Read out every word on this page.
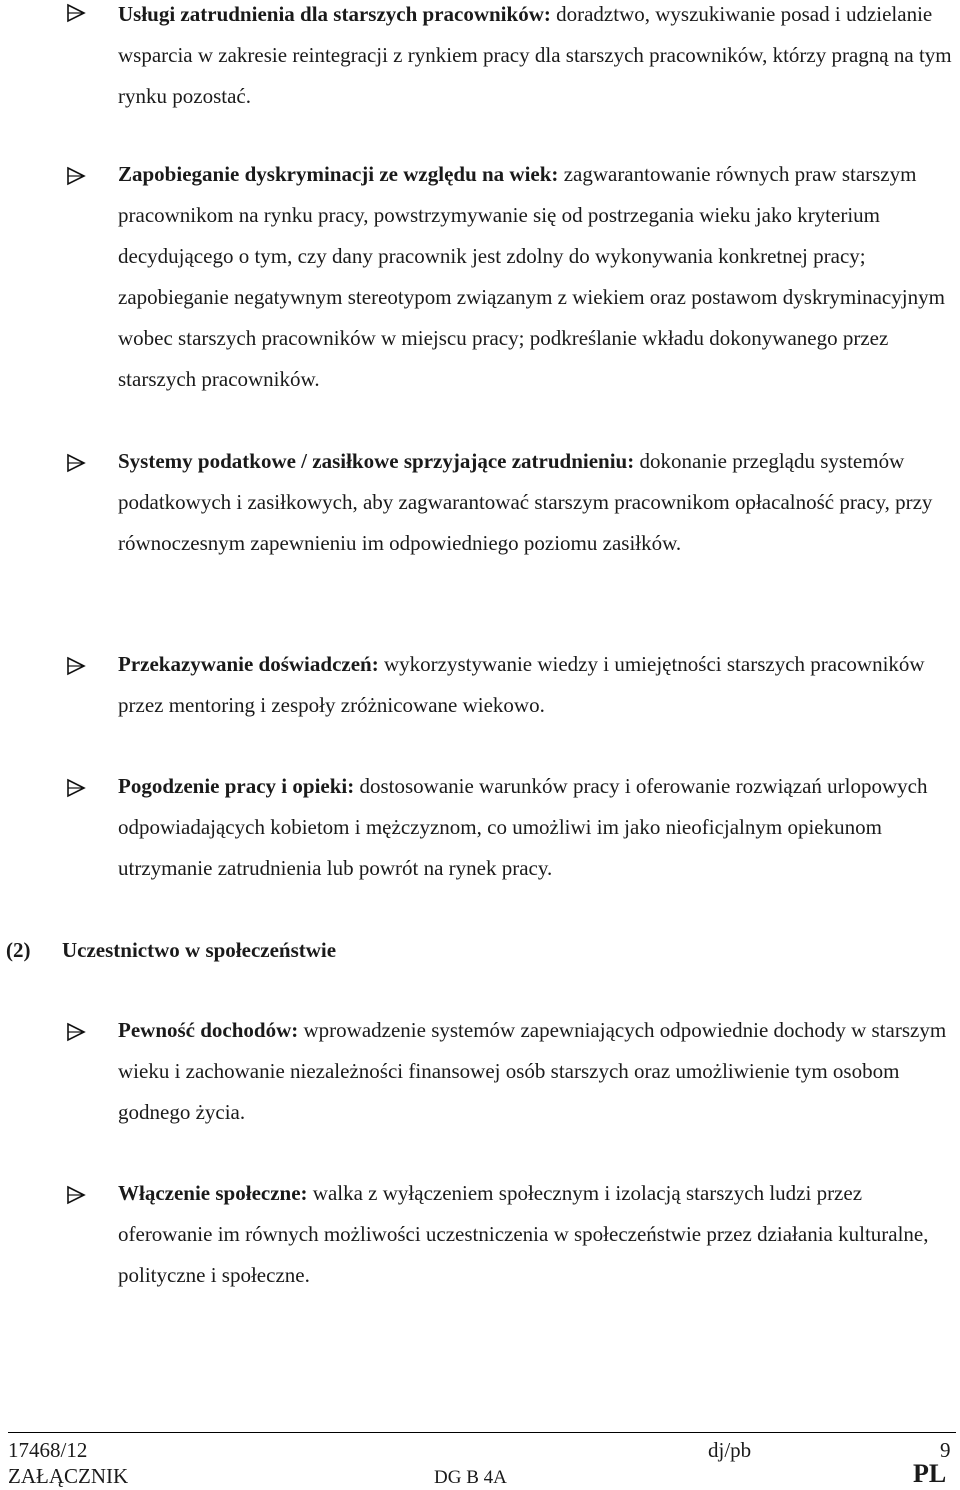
Usługi zatrudnienia dla starszych pracowników: doradztwo, wyszukiwanie posad i udzielanie wsparcia w zakresie reintegracji z rynkiem pracy dla starszych pracowników, którzy pragną na tym rynku pozostać.
Zapobieganie dyskryminacji ze względu na wiek: zagwarantowanie równych praw starszym pracownikom na rynku pracy, powstrzymywanie się od postrzegania wieku jako kryterium decydującego o tym, czy dany pracownik jest zdolny do wykonywania konkretnej pracy; zapobieganie negatywnym stereotypom związanym z wiekiem oraz postawom dyskryminacyjnym wobec starszych pracowników w miejscu pracy; podkreślanie wkładu dokonywanego przez starszych pracowników.
Systemy podatkowe / zasiłkowe sprzyjające zatrudnieniu: dokonanie przeglądu systemów podatkowych i zasiłkowych, aby zagwarantować starszym pracownikom opłacalność pracy, przy równoczesnym zapewnieniu im odpowiedniego poziomu zasiłków.
Przekazywanie doświadczeń: wykorzystywanie wiedzy i umiejętności starszych pracowników przez mentoring i zespoły zróżnicowane wiekowo.
Pogodzenie pracy i opieki: dostosowanie warunków pracy i oferowanie rozwiązań urlopowych odpowiadających kobietom i mężczyznom, co umożliwi im jako nieoficjalnym opiekunom utrzymanie zatrudnienia lub powrót na rynek pracy.
(2) Uczestnictwo w społeczeństwie
Pewność dochodów: wprowadzenie systemów zapewniających odpowiednie dochody w starszym wieku i zachowanie niezależności finansowej osób starszych oraz umożliwienie tym osobom godnego życia.
Włączenie społeczne: walka z wyłączeniem społecznym i izolacją starszych ludzi przez oferowanie im równych możliwości uczestniczenia w społeczeństwie przez działania kulturalne, polityczne i społeczne.
17468/12
ZAŁĄCZNIK
dj/pb
DG B 4A
9
PL
